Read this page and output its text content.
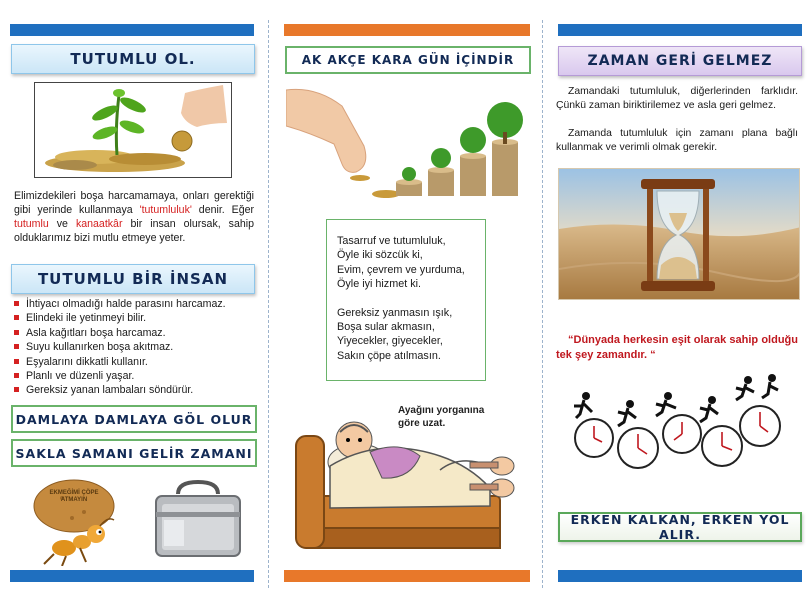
TUTUMLU OL.
Elimizdekileri boşa harcamamaya, onları gerektiği gibi yerinde kullanmaya 'tutumluluk' denir. Eğer tutumlu ve kanaatkâr bir insan olursak, sahip olduklarımız bizi mutlu etmeye yeter.
TUTUMLU BİR İNSAN
İhtiyacı olmadığı halde parasını harcamaz.
Elindeki ile yetinmeyi bilir.
Asla kağıtları boşa harcamaz.
Suyu kullanırken boşa akıtmaz.
Eşyalarını dikkatli kullanır.
Planlı ve düzenli yaşar.
Gereksiz yanan lambaları söndürür.
DAMLAYA DAMLAYA GÖL OLUR
SAKLA SAMANI GELİR ZAMANI
EKMEĞİMİ ÇÖPE ATMAYIN
AK AKÇE KARA GÜN İÇİNDİR
Tasarruf ve tutumluluk,
Öyle iki sözcük ki,
Evim, çevrem ve yurduma,
Öyle iyi hizmet ki.
Gereksiz yanmasın ışık,
Boşa sular akmasın,
Yiyecekler, giyecekler,
Sakın çöpe atılmasın.
Ayağını yorganına
göre uzat.
ZAMAN GERİ GELMEZ
Zamandaki tutumluluk, diğerlerinden farklıdır. Çünkü zaman biriktirilemez ve asla geri gelmez.
Zamanda tutumluluk için zamanı plana bağlı kullanmak ve verimli olmak gerekir.
“Dünyada herkesin eşit olarak sahip olduğu tek şey zamandır. “
ERKEN KALKAN, ERKEN YOL ALIR.
